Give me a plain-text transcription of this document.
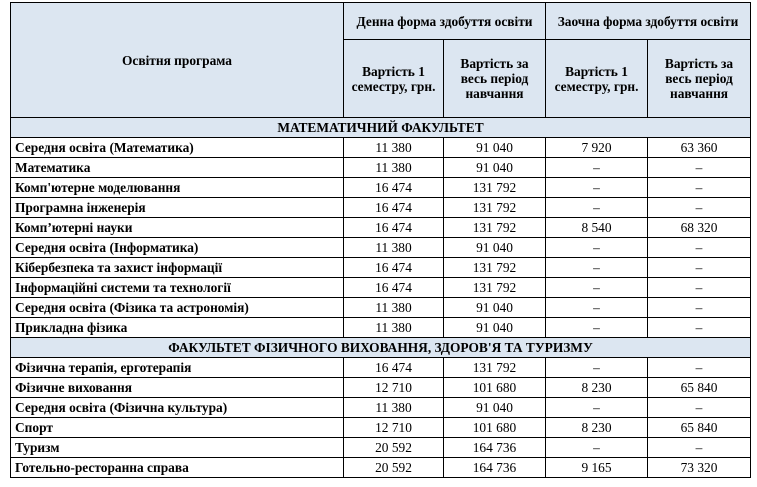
Освітня програма	Денна форма здобуття освіти		Заочна форма здобуття освіти	
	Вартість 1 семестру, грн.	Вартість за весь період навчання	Вартість 1 семестру, грн.	Вартість за весь період навчання
МАТЕМАТИЧНИЙ ФАКУЛЬТЕТ				
Середня освіта (Математика)	11 380	91 040	7 920	63 360
Математика	11 380	91 040	–	–
Комп'ютерне моделювання	16 474	131 792	–	–
Програмна інженерія	16 474	131 792	–	–
Комп’ютерні науки	16 474	131 792	8 540	68 320
Середня освіта (Інформатика)	11 380	91 040	–	–
Кібербезпека та захист інформації	16 474	131 792	–	–
Інформаційні системи та технології	16 474	131 792	–	–
Середня освіта (Фізика та астрономія)	11 380	91 040	–	–
Прикладна фізика	11 380	91 040	–	–
ФАКУЛЬТЕТ ФІЗИЧНОГО ВИХОВАННЯ, ЗДОРОВ'Я ТА ТУРИЗМУ				
Фізична терапія, ерготерапія	16 474	131 792	–	–
Фізичне виховання	12 710	101 680	8 230	65 840
Середня освіта (Фізична культура)	11 380	91 040	–	–
Спорт	12 710	101 680	8 230	65 840
Туризм	20 592	164 736	–	–
Готельно-ресторанна справа	20 592	164 736	9 165	73 320
